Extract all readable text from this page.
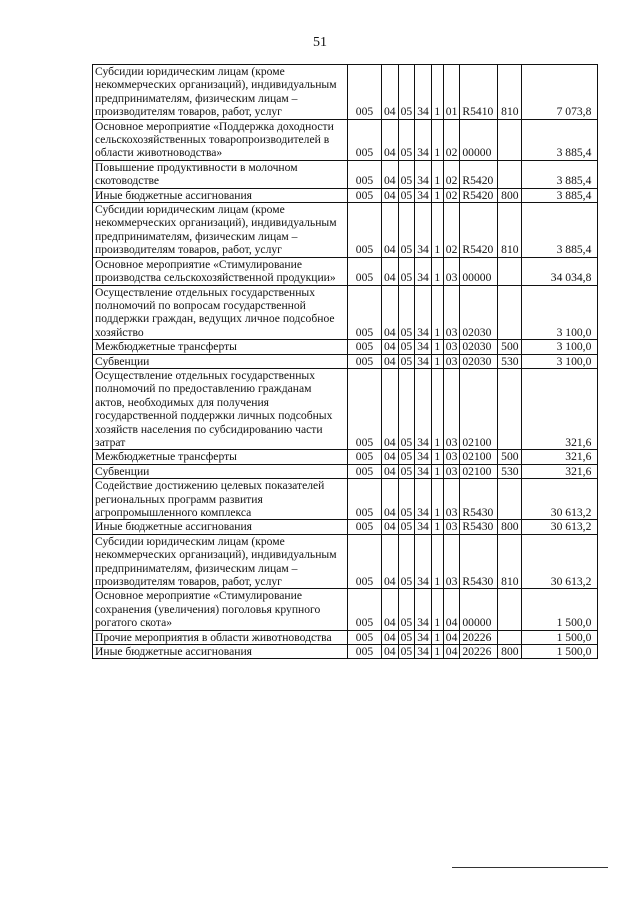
51
Субсидии юридическим лицам (кроме некоммерческих организаций), индивидуальным предпринимателям, физическим лицам – производителям товаров, работ, услуг	005	04	05	34	1	01	R5410	810	7 073,8
Основное мероприятие «Поддержка доходности сельскохозяйственных товаропроизводителей в области животноводства»	005	04	05	34	1	02	00000		3 885,4
Повышение продуктивности в молочном скотоводстве	005	04	05	34	1	02	R5420		3 885,4
Иные бюджетные ассигнования	005	04	05	34	1	02	R5420	800	3 885,4
Субсидии юридическим лицам (кроме некоммерческих организаций), индивидуальным предпринимателям, физическим лицам – производителям товаров, работ, услуг	005	04	05	34	1	02	R5420	810	3 885,4
Основное мероприятие «Стимулирование производства сельскохозяйственной продукции»	005	04	05	34	1	03	00000		34 034,8
Осуществление отдельных государственных полномочий по вопросам государственной поддержки граждан, ведущих личное подсобное хозяйство	005	04	05	34	1	03	02030		3 100,0
Межбюджетные трансферты	005	04	05	34	1	03	02030	500	3 100,0
Субвенции	005	04	05	34	1	03	02030	530	3 100,0
Осуществление отдельных государственных полномочий по предоставлению гражданам актов, необходимых для получения государственной поддержки личных подсобных хозяйств населения по субсидированию части затрат	005	04	05	34	1	03	02100		321,6
Межбюджетные трансферты	005	04	05	34	1	03	02100	500	321,6
Субвенции	005	04	05	34	1	03	02100	530	321,6
Содействие достижению целевых показателей региональных программ развития агропромышленного комплекса	005	04	05	34	1	03	R5430		30 613,2
Иные бюджетные ассигнования	005	04	05	34	1	03	R5430	800	30 613,2
Субсидии юридическим лицам (кроме некоммерческих организаций), индивидуальным предпринимателям, физическим лицам – производителям товаров, работ, услуг	005	04	05	34	1	03	R5430	810	30 613,2
Основное мероприятие «Стимулирование сохранения (увеличения) поголовья крупного рогатого скота»	005	04	05	34	1	04	00000		1 500,0
Прочие мероприятия в области животноводства	005	04	05	34	1	04	20226		1 500,0
Иные бюджетные ассигнования	005	04	05	34	1	04	20226	800	1 500,0
